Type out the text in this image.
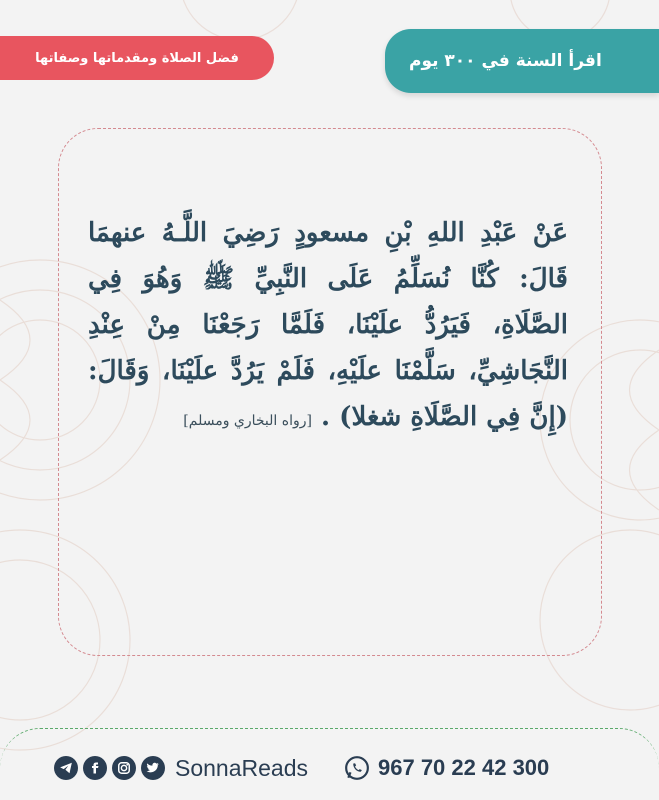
فضل الصلاة ومقدماتها وصفاتها	اقرأ السنة في ٣٠٠ يوم
عَنْ عَبْدِ اللهِ بْنِ مسعودٍ رَضِيَ اللَّـهُ عنهمَا قَالَ: كُنَّا نُسَلِّمُ عَلَى النَّبِيِّ ﷺ وَهُوَ فِي الصَّلَاةِ، فَيَرُدُّ علَيْنَا، فَلَمَّا رَجَعْنَا مِنْ عِنْدِ النَّجَاشِيِّ، سَلَّمْنَا علَيْهِ، فَلَمْ يَرُدَّ علَيْنَا، وَقَالَ: (إِنَّ فِي الصَّلَاةِ شغلا) . [رواه البخاري ومسلم]
SonnaReads	967 70 22 42 300
